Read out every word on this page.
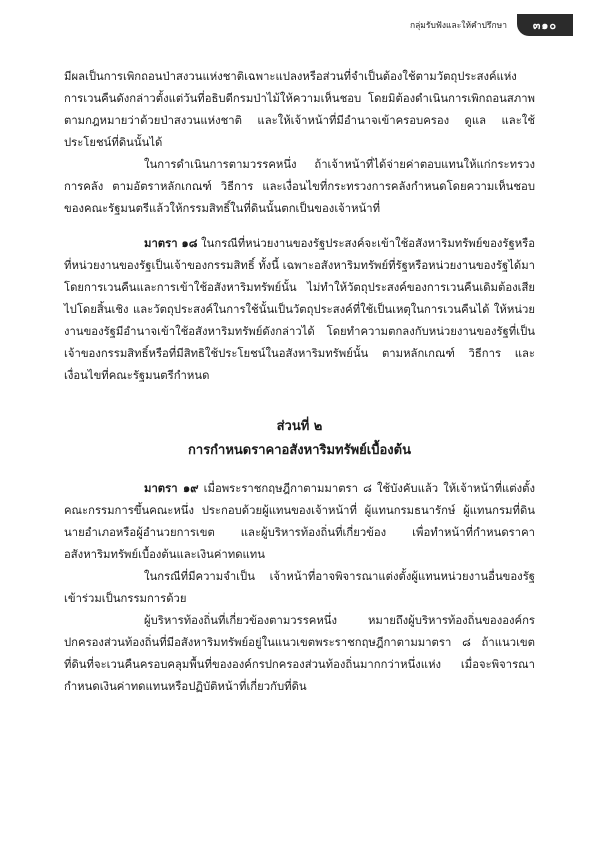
กลุ่มรับฟังและให้คำปรึกษา	๓๑๐

มีผลเป็นการเพิกถอนป่าสงวนแห่งชาติเฉพาะแปลงหรือส่วนที่จำเป็นต้องใช้ตามวัตถุประสงค์แห่งการเวนคืนดังกล่าวตั้งแต่วันที่อธิบดีกรมป่าไม้ให้ความเห็นชอบ โดยมิต้องดำเนินการเพิกถอนสภาพตามกฎหมายว่าด้วยป่าสงวนแห่งชาติ และให้เจ้าหน้าที่มีอำนาจเข้าครอบครอง ดูแล และใช้ประโยชน์ที่ดินนั้นได้

ในการดำเนินการตามวรรคหนึ่ง ถ้าเจ้าหน้าที่ได้จ่ายค่าตอบแทนให้แก่กระทรวงการคลัง ตามอัตราหลักเกณฑ์ วิธีการ และเงื่อนไขที่กระทรวงการคลังกำหนดโดยความเห็นชอบของคณะรัฐมนตรีแล้วให้กรรมสิทธิ์ในที่ดินนั้นตกเป็นของเจ้าหน้าที่

มาตรา ๑๘ ในกรณีที่หน่วยงานของรัฐประสงค์จะเข้าใช้อสังหาริมทรัพย์ของรัฐหรือที่หน่วยงานของรัฐเป็นเจ้าของกรรมสิทธิ์ ทั้งนี้ เฉพาะอสังหาริมทรัพย์ที่รัฐหรือหน่วยงานของรัฐได้มาโดยการเวนคืนและการเข้าใช้อสังหาริมทรัพย์นั้น ไม่ทำให้วัตถุประสงค์ของการเวนคืนเดิมต้องเสียไปโดยสิ้นเชิง และวัตถุประสงค์ในการใช้นั้นเป็นวัตถุประสงค์ที่ใช้เป็นเหตุในการเวนคืนได้ ให้หน่วยงานของรัฐมีอำนาจเข้าใช้อสังหาริมทรัพย์ดังกล่าวได้ โดยทำความตกลงกับหน่วยงานของรัฐที่เป็นเจ้าของกรรมสิทธิ์หรือที่มีสิทธิใช้ประโยชน์ในอสังหาริมทรัพย์นั้น ตามหลักเกณฑ์ วิธีการ และเงื่อนไขที่คณะรัฐมนตรีกำหนด

ส่วนที่ ๒
การกำหนดราคาอสังหาริมทรัพย์เบื้องต้น

มาตรา ๑๙ เมื่อพระราชกฤษฎีกาตามมาตรา ๘ ใช้บังคับแล้ว ให้เจ้าหน้าที่แต่งตั้งคณะกรรมการขึ้นคณะหนึ่ง ประกอบด้วยผู้แทนของเจ้าหน้าที่ ผู้แทนกรมธนารักษ์ ผู้แทนกรมที่ดิน นายอำเภอหรือผู้อำนวยการเขต และผู้บริหารท้องถิ่นที่เกี่ยวข้อง เพื่อทำหน้าที่กำหนดราคาอสังหาริมทรัพย์เบื้องต้นและเงินค่าทดแทน

ในกรณีที่มีความจำเป็น เจ้าหน้าที่อาจพิจารณาแต่งตั้งผู้แทนหน่วยงานอื่นของรัฐเข้าร่วมเป็นกรรมการด้วย

ผู้บริหารท้องถิ่นที่เกี่ยวข้องตามวรรคหนึ่ง หมายถึงผู้บริหารท้องถิ่นขององค์กรปกครองส่วนท้องถิ่นที่มีอสังหาริมทรัพย์อยู่ในแนวเขตพระราชกฤษฎีกาตามมาตรา ๘ ถ้าแนวเขตที่ดินที่จะเวนคืนครอบคลุมพื้นที่ขององค์กรปกครองส่วนท้องถิ่นมากกว่าหนึ่งแห่ง เมื่อจะพิจารณากำหนดเงินค่าทดแทนหรือปฏิบัติหน้าที่เกี่ยวกับที่ดิน
